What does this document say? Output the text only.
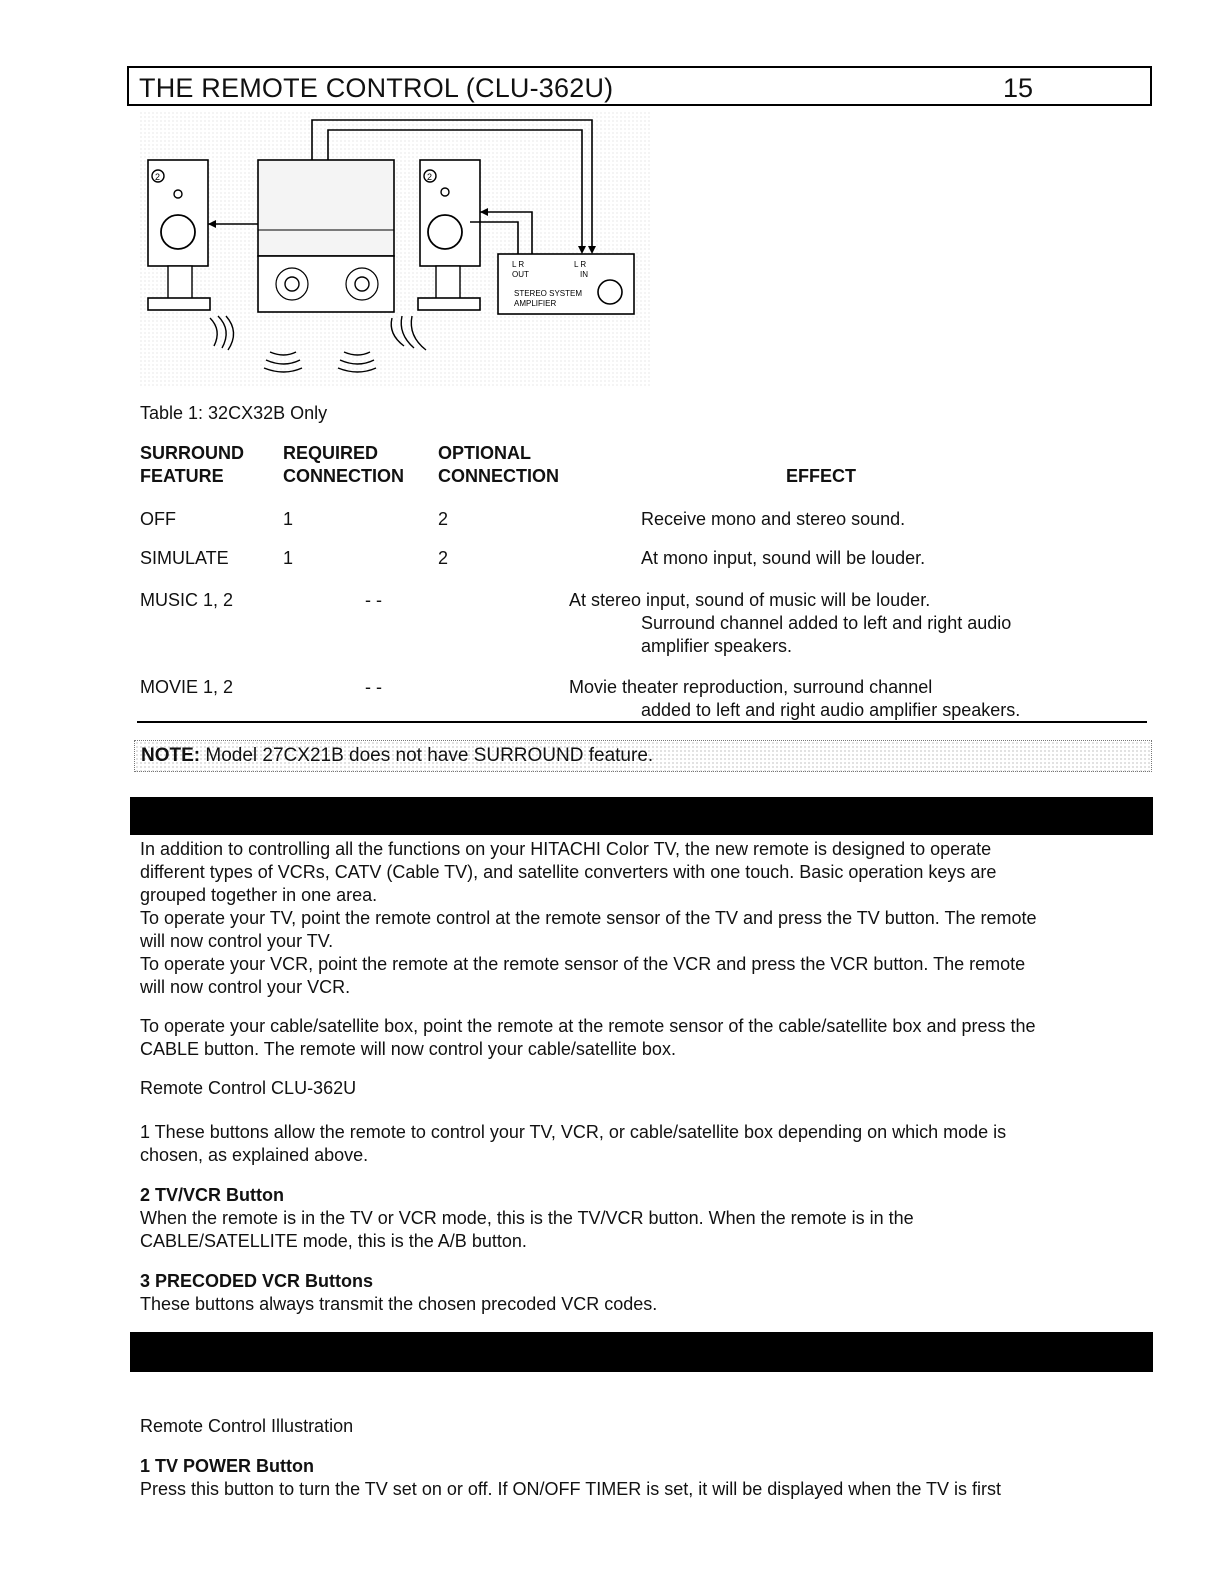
THE REMOTE CONTROL (CLU-362U)	15
2	2
L R
OUT
L R
IN
STEREO SYSTEM
AMPLIFIER
Table 1: 32CX32B Only
SURROUND
FEATURE
REQUIRED
CONNECTION
OPTIONAL
CONNECTION	EFFECT
OFF	1	2	Receive mono and stereo sound.
SIMULATE	1	2	At mono input, sound will be louder.
MUSIC 1, 2	- -	At stereo input, sound of music will be louder.
Surround channel added to left and right audio
amplifier speakers.
MOVIE 1, 2	- -	Movie theater reproduction, surround channel
added to left and right audio amplifier speakers.
NOTE: Model 27CX21B does not have SURROUND feature.
In addition to controlling all the functions on your HITACHI Color TV, the new remote is designed to operate
different types of VCRs, CATV (Cable TV), and satellite converters with one touch. Basic operation keys are
grouped together in one area.
To operate your TV, point the remote control at the remote sensor of the TV and press the TV button. The remote
will now control your TV.
To operate your VCR, point the remote at the remote sensor of the VCR and press the VCR button. The remote
will now control your VCR.
To operate your cable/satellite box, point the remote at the remote sensor of the cable/satellite box and press the
CABLE button. The remote will now control your cable/satellite box.
Remote Control CLU-362U
1 These buttons allow the remote to control your TV, VCR, or cable/satellite box depending on which mode is
chosen, as explained above.
2 TV/VCR Button
When the remote is in the TV or VCR mode, this is the TV/VCR button. When the remote is in the
CABLE/SATELLITE mode, this is the A/B button.
3 PRECODED VCR Buttons
These buttons always transmit the chosen precoded VCR codes.
Remote Control Illustration
1 TV POWER Button
Press this button to turn the TV set on or off. If ON/OFF TIMER is set, it will be displayed when the TV is first
